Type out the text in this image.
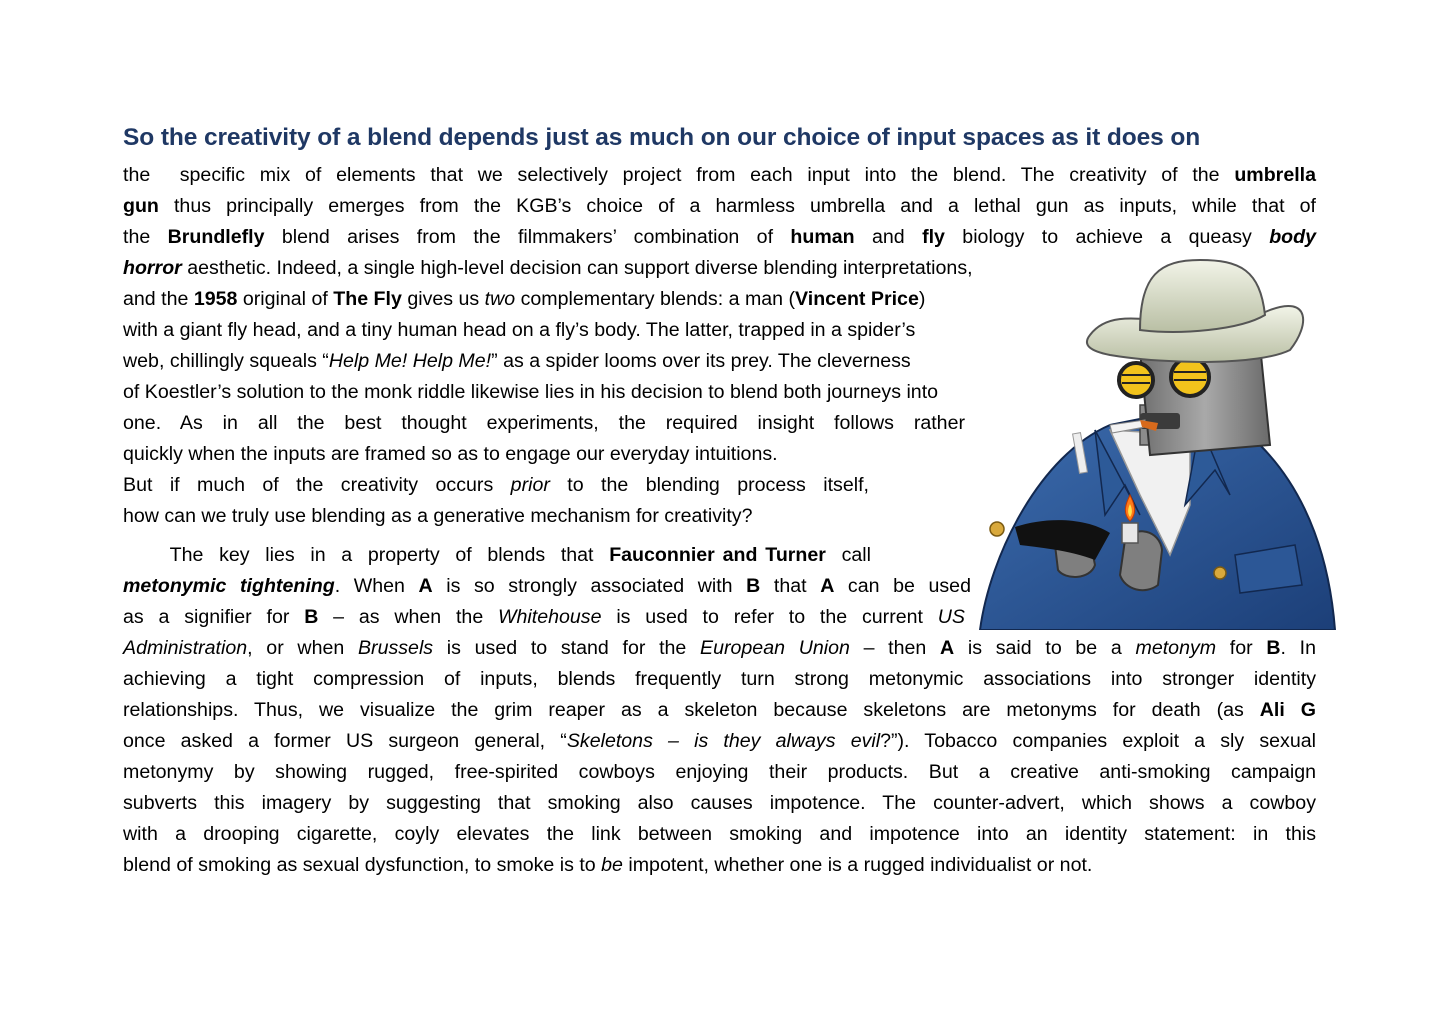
So the creativity of a blend depends just as much on our choice of input spaces as it does on
the  specific mix of elements that we selectively project from each input into the blend. The creativity of the umbrella
gun thus principally emerges from the KGB’s choice of a harmless umbrella and a lethal gun as inputs, while that of
the Brundlefly blend arises from the filmmakers’ combination of human and fly biology to achieve a queasy body
horror aesthetic. Indeed, a single high-level decision can support diverse blending interpretations,
and the 1958 original of The Fly gives us two complementary blends: a man (Vincent Price)
with a giant fly head, and a tiny human head on a fly’s body. The latter, trapped in a spider’s
web, chillingly squeals “Help Me! Help Me!” as a spider looms over its prey. The cleverness
of Koestler’s solution to the monk riddle likewise lies in his decision to blend both journeys into
one.  As  in  all  the  best  thought  experiments,  the  required  insight  follows  rather
quickly when the inputs are framed so as to engage our everyday intuitions.
But  if  much  of  the  creativity  occurs  prior  to  the  blending  process  itself,
how can we truly use blending as a generative mechanism for creativity?
The  key  lies  in  a  property  of  blends  that  Fauconnier and Turner  call
metonymic tightening. When A is so strongly associated with B that A can be used
as  a  signifier  for  B  –  as  when  the  Whitehouse  is  used  to  refer  to  the  current  US
Administration, or when Brussels is used to stand for the European Union – then A is said to be a metonym for B. In
achieving a tight compression of inputs, blends frequently turn strong metonymic associations into stronger identity
relationships. Thus, we visualize the grim reaper as a skeleton because skeletons are metonyms for death (as Ali G
once asked a former US surgeon general, “Skeletons – is they always evil?”). Tobacco companies exploit a sly sexual
metonymy by showing rugged, free-spirited cowboys enjoying their products. But a creative anti-smoking campaign
subverts this imagery by suggesting that smoking also causes impotence. The counter-advert, which shows a cowboy
with a drooping cigarette, coyly elevates the link between smoking and impotence into an identity statement: in this
blend of smoking as sexual dysfunction, to smoke is to be impotent, whether one is a rugged individualist or not.
